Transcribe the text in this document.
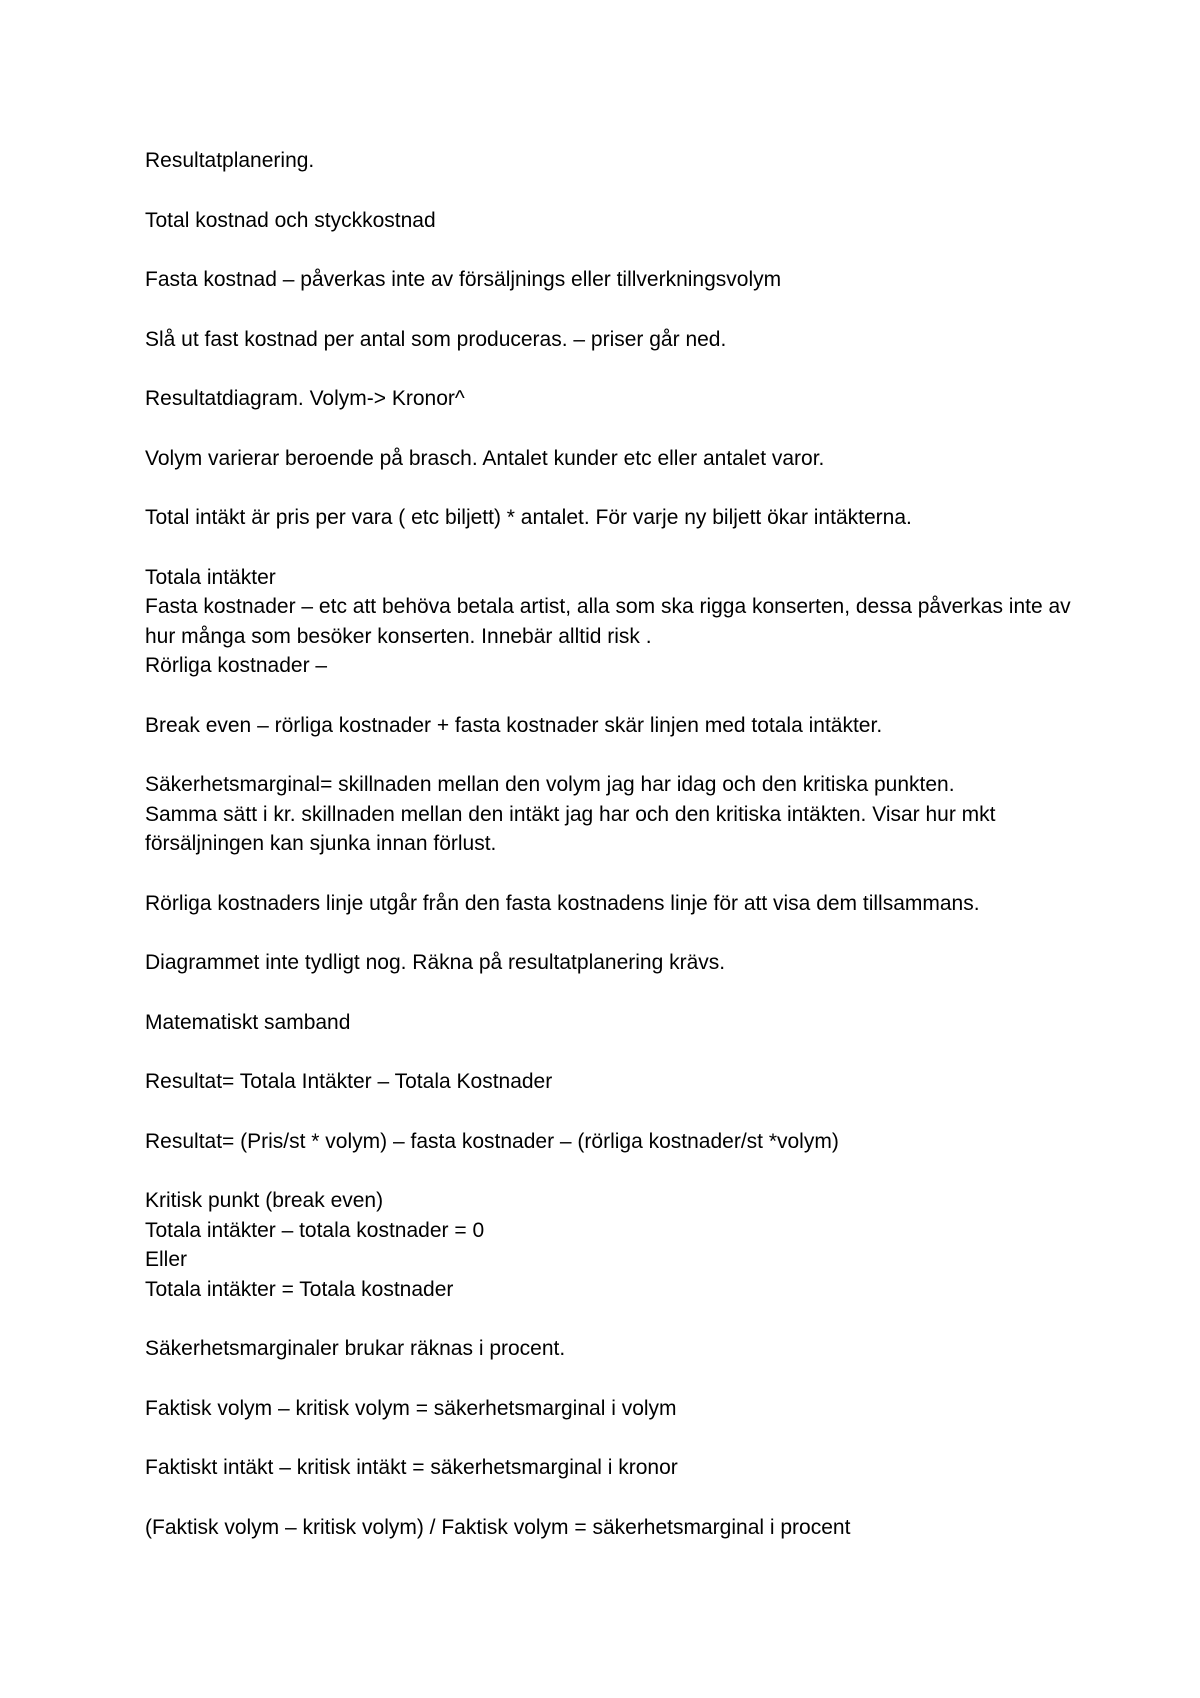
Resultatplanering.
Total kostnad och styckkostnad
Fasta kostnad – påverkas inte av försäljnings eller tillverkningsvolym
Slå ut fast kostnad per antal som produceras. – priser går ned.
Resultatdiagram. Volym-> Kronor^
Volym varierar beroende på brasch. Antalet kunder etc eller antalet varor.
Total intäkt är pris per vara ( etc biljett) * antalet. För varje ny biljett ökar intäkterna.
Totala intäkter
Fasta kostnader – etc att behöva betala artist, alla som ska rigga konserten, dessa påverkas inte av hur många som besöker konserten. Innebär alltid risk .
Rörliga kostnader –
Break even – rörliga kostnader + fasta kostnader skär linjen med totala intäkter.
Säkerhetsmarginal= skillnaden mellan den volym jag har idag och den kritiska punkten.
Samma sätt i kr. skillnaden mellan den intäkt jag har och den kritiska intäkten. Visar hur mkt försäljningen kan sjunka innan förlust.
Rörliga kostnaders linje utgår från den fasta kostnadens linje för att visa dem tillsammans.
Diagrammet inte tydligt nog. Räkna på resultatplanering krävs.
Matematiskt samband
Resultat= Totala Intäkter – Totala Kostnader
Resultat= (Pris/st * volym) – fasta kostnader – (rörliga kostnader/st *volym)
Kritisk punkt (break even)
Totala intäkter – totala kostnader = 0
Eller
Totala intäkter = Totala kostnader
Säkerhetsmarginaler brukar räknas i procent.
Faktisk volym – kritisk volym = säkerhetsmarginal i volym
Faktiskt intäkt – kritisk intäkt = säkerhetsmarginal i kronor
(Faktisk volym – kritisk volym) / Faktisk volym = säkerhetsmarginal i procent
